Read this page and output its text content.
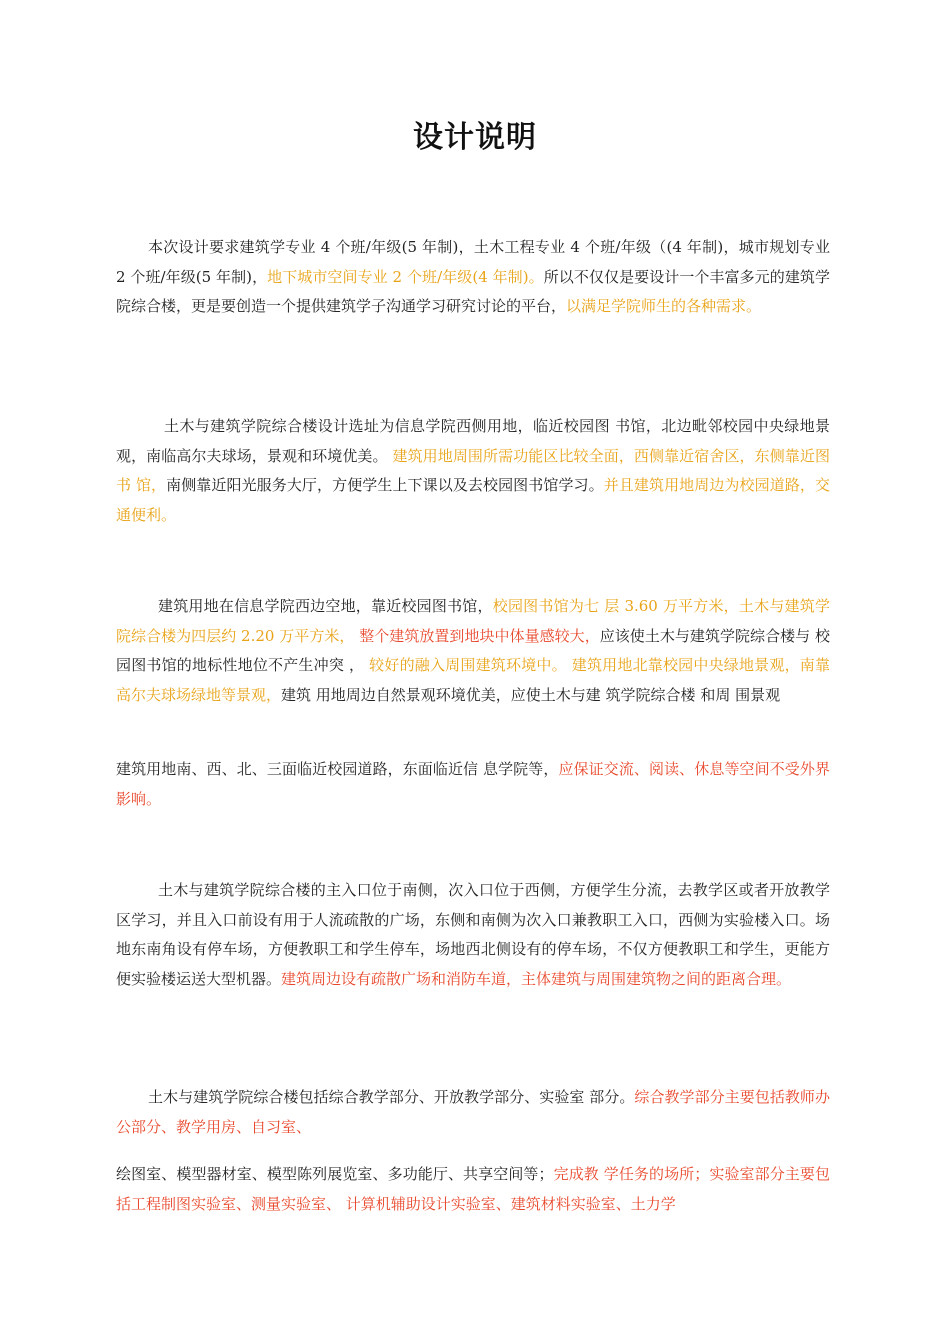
设计说明

本次设计要求建筑学专业 4 个班/年级(5 年制)，土木工程专业 4 个班/年级（(4 年制)，城市规划专业 2 个班/年级(5 年制)，地下城市空间专业 2 个班/年级(4 年制)。所以不仅仅是要设计一个丰富多元的建筑学院综合楼，更是要创造一个提供建筑学子沟通学习研究讨论的平台，以满足学院师生的各种需求。

土木与建筑学院综合楼设计选址为信息学院西侧用地，临近校园图 书馆，北边毗邻校园中央绿地景观，南临高尔夫球场，景观和环境优美。 建筑用地周围所需功能区比较全面，西侧靠近宿舍区，东侧靠近图书 馆，南侧靠近阳光服务大厅，方便学生上下课以及去校园图书馆学习。并且建筑用地周边为校园道路，交通便利。

建筑用地在信息学院西边空地，靠近校园图书馆，校园图书馆为七 层 3.60 万平方米，土木与建筑学院综合楼为四层约 2.20 万平方米， 整个建筑放置到地块中体量感较大，应该使土木与建筑学院综合楼与 校园图书馆的地标性地位不产生冲突 ， 较好的融入周围建筑环境中。 建筑用地北靠校园中央绿地景观，南靠高尔夫球场绿地等景观，建筑 用地周边自然景观环境优美，应使土木与建 筑学院综合楼 和周 围景观

建筑用地南、西、北、三面临近校园道路，东面临近信 息学院等，应保证交流、阅读、休息等空间不受外界影响。

土木与建筑学院综合楼的主入口位于南侧，次入口位于西侧，方便学生分流，去教学区或者开放教学区学习，并且入口前设有用于人流疏散的广场，东侧和南侧为次入口兼教职工入口，西侧为实验楼入口。场地东南角设有停车场，方便教职工和学生停车，场地西北侧设有的停车场，不仅方便教职工和学生，更能方便实验楼运送大型机器。建筑周边设有疏散广场和消防车道，主体建筑与周围建筑物之间的距离合理。

土木与建筑学院综合楼包括综合教学部分、开放教学部分、实验室 部分。综合教学部分主要包括教师办公部分、教学用房、自习室、

绘图室、模型器材室、模型陈列展览室、多功能厅、共享空间等；完成教 学任务的场所；实验室部分主要包括工程制图实验室、测量实验室、 计算机辅助设计实验室、建筑材料实验室、土力学
